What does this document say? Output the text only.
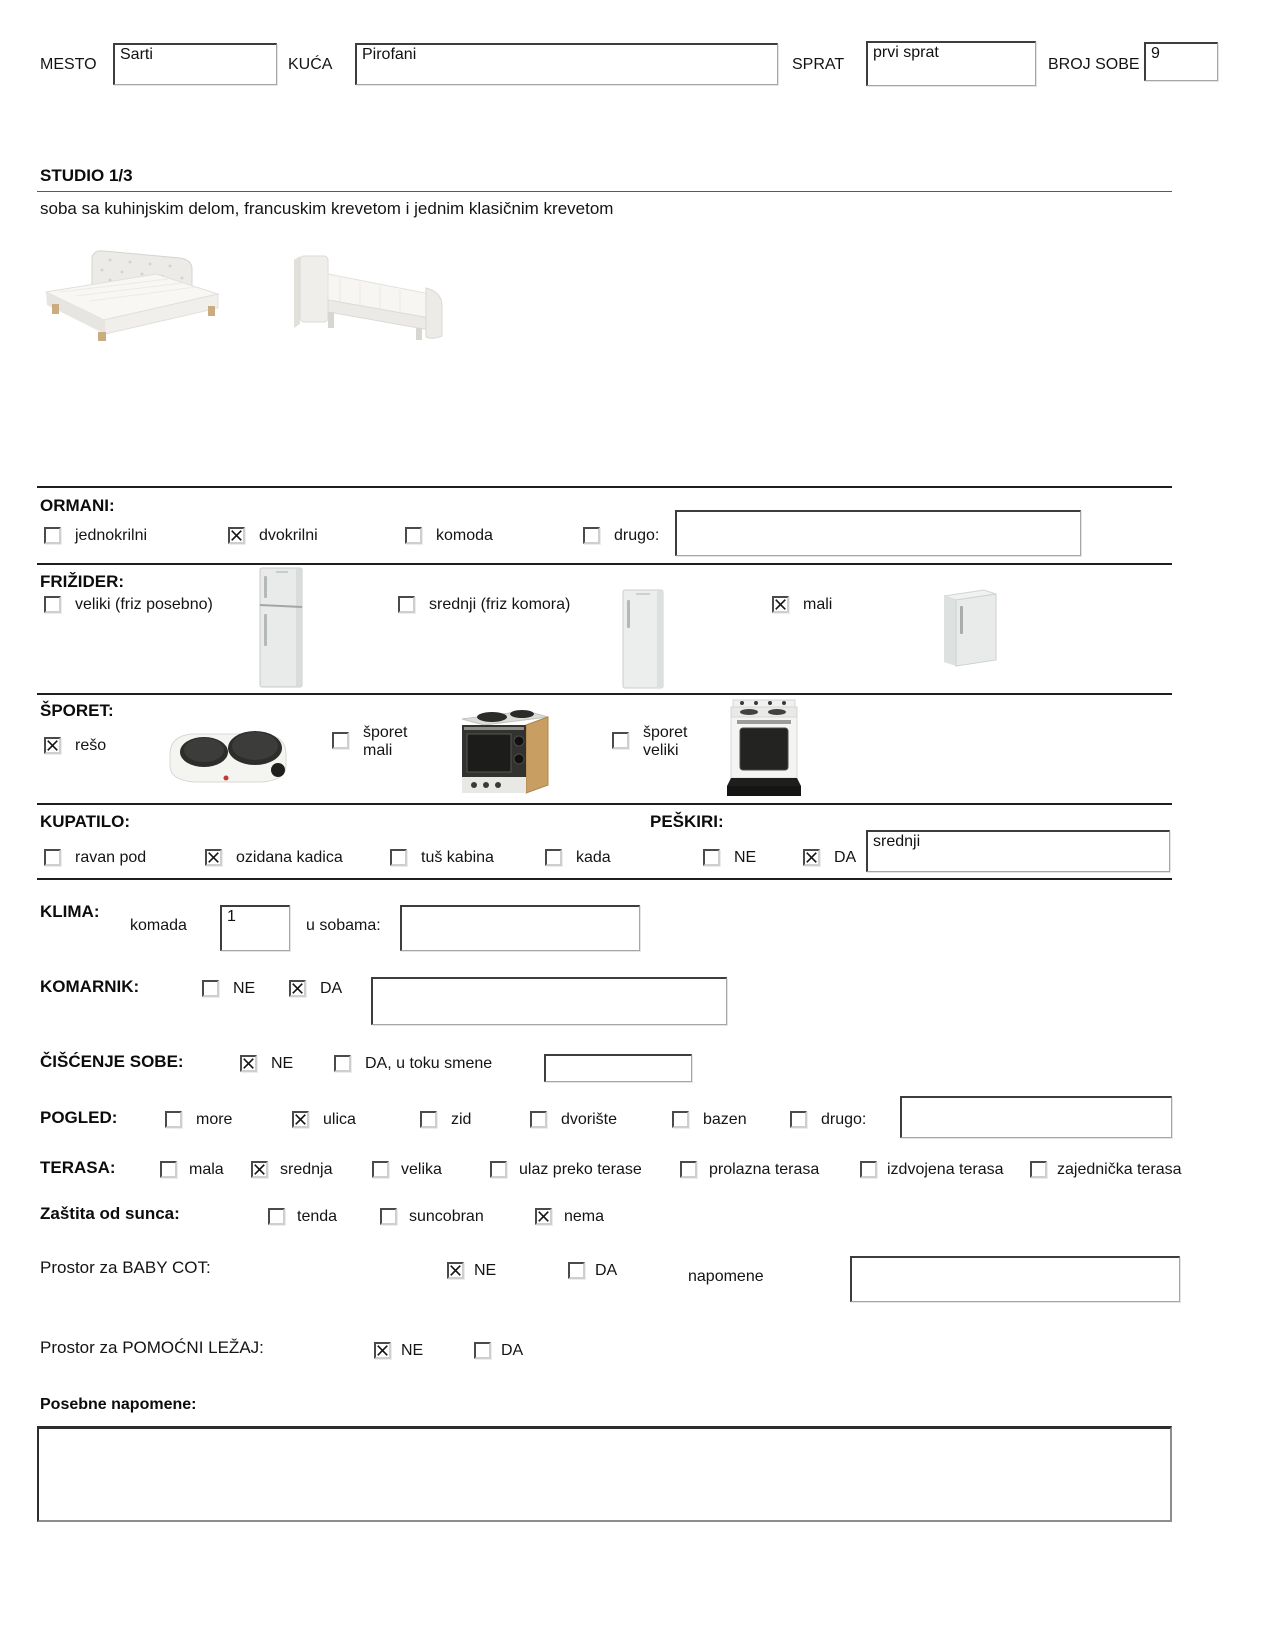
MESTO
Sarti
KUĆA
Pirofani
SPRAT
prvi sprat
BROJ SOBE
9
STUDIO 1/3
soba sa kuhinjskim delom, francuskim krevetom i jednim klasičnim krevetom
ORMANI:
jednokrilni	dvokrilni	komoda	drugo:
FRIŽIDER:
veliki (friz posebno)	srednji (friz komora)	mali
ŠPORET:
rešo
šporet mali
šporet veliki
KUPATILO:	PEŠKIRI:
ravan pod	ozidana kadica	tuš kabina	kada	NE	DA
srednji
KLIMA:
komada
1
u sobama:
KOMARNIK:	NE	DA
ČIŠĆENJE SOBE:	NE	DA, u toku smene
POGLED:	more	ulica	zid	dvorište	bazen	drugo:
TERASA:	mala	srednja	velika	ulaz preko terase	prolazna terasa	izdvojena terasa	zajednička terasa
Zaštita od sunca:	tenda	suncobran	nema
Prostor za BABY COT:	NE	DA	napomene
Prostor za POMOĆNI LEŽAJ:	NE	DA
Posebne napomene:
